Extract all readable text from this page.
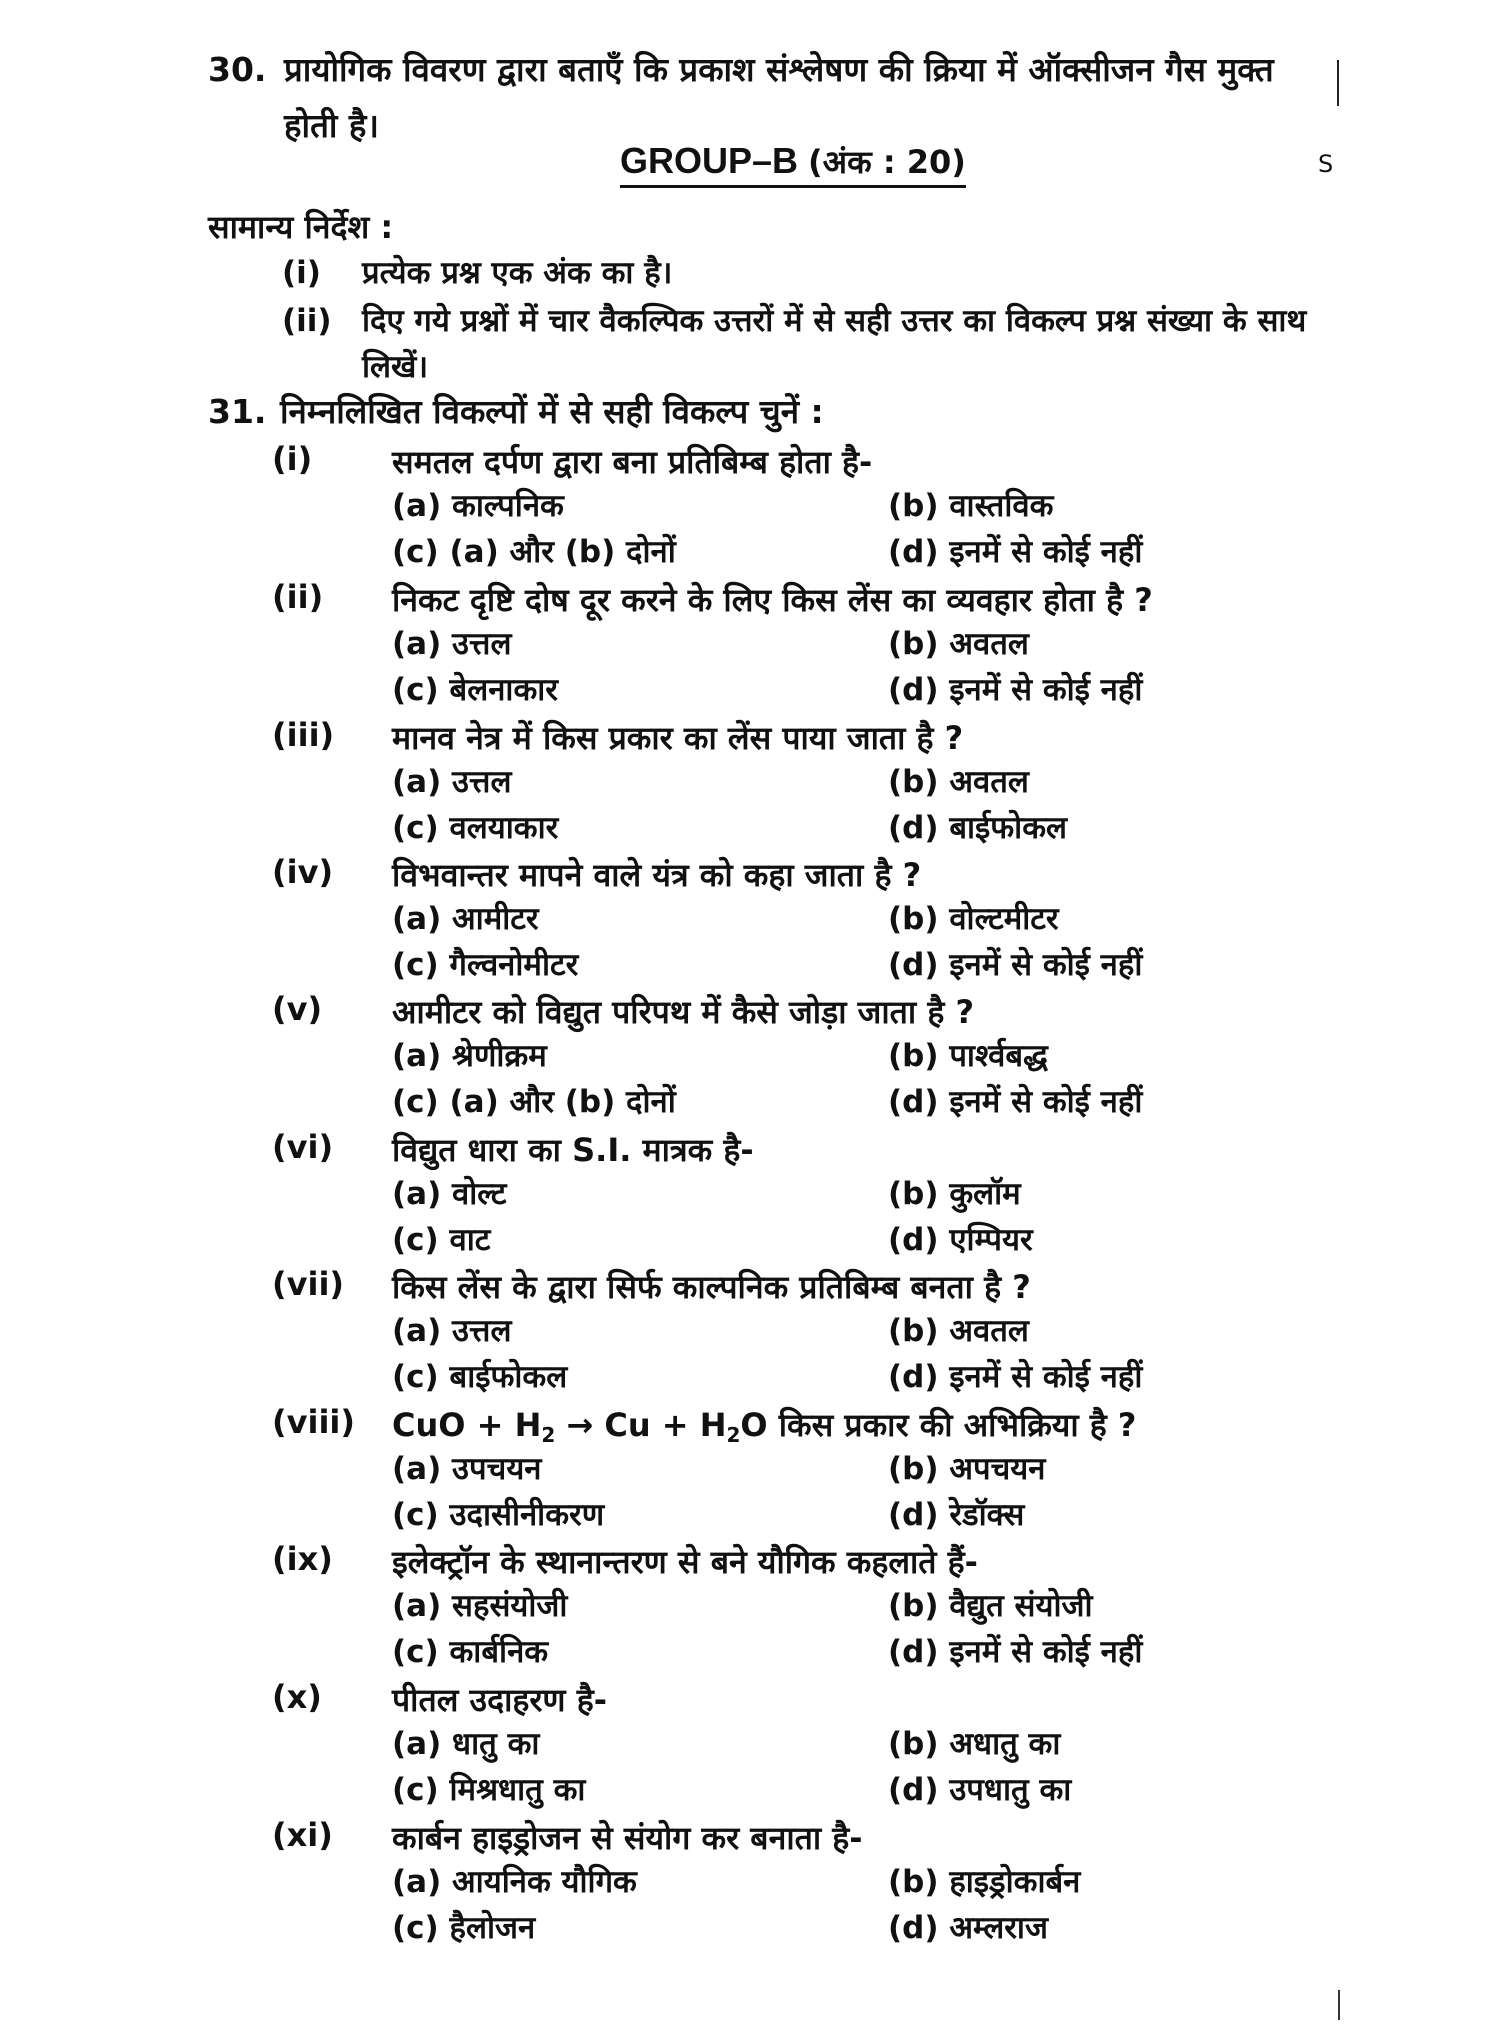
30. प्रायोगिक विवरण द्वारा बताएँ कि प्रकाश संश्लेषण की क्रिया में ऑक्सीजन गैस मुक्त होती है।
GROUP–B (अंक : 20)	S
सामान्य निर्देश :
(i) प्रत्येक प्रश्न एक अंक का है।
(ii) दिए गये प्रश्नों में चार वैकल्पिक उत्तरों में से सही उत्तर का विकल्प प्रश्न संख्या के साथ लिखें।
31. निम्नलिखित विकल्पों में से सही विकल्प चुनें :
(i) समतल दर्पण द्वारा बना प्रतिबिम्ब होता है-
(a) काल्पनिक	(b) वास्तविक
(c) (a) और (b) दोनों	(d) इनमें से कोई नहीं
(ii) निकट दृष्टि दोष दूर करने के लिए किस लेंस का व्यवहार होता है ?
(a) उत्तल	(b) अवतल
(c) बेलनाकार	(d) इनमें से कोई नहीं
(iii) मानव नेत्र में किस प्रकार का लेंस पाया जाता है ?
(a) उत्तल	(b) अवतल
(c) वलयाकार	(d) बाईफोकल
(iv) विभवान्तर मापने वाले यंत्र को कहा जाता है ?
(a) आमीटर	(b) वोल्टमीटर
(c) गैल्वनोमीटर	(d) इनमें से कोई नहीं
(v) आमीटर को विद्युत परिपथ में कैसे जोड़ा जाता है ?
(a) श्रेणीक्रम	(b) पार्श्वबद्ध
(c) (a) और (b) दोनों	(d) इनमें से कोई नहीं
(vi) विद्युत धारा का S.I. मात्रक है-
(a) वोल्ट	(b) कुलॉम
(c) वाट	(d) एम्पियर
(vii) किस लेंस के द्वारा सिर्फ काल्पनिक प्रतिबिम्ब बनता है ?
(a) उत्तल	(b) अवतल
(c) बाईफोकल	(d) इनमें से कोई नहीं
(viii) CuO + $H_2 \to Cu + H_2O$ किस प्रकार की अभिक्रिया है ?
(a) उपचयन	(b) अपचयन
(c) उदासीनीकरण	(d) रेडॉक्स
(ix) इलेक्ट्रॉन के स्थानान्तरण से बने यौगिक कहलाते हैं-
(a) सहसंयोजी	(b) वैद्युत संयोजी
(c) कार्बनिक	(d) इनमें से कोई नहीं
(x) पीतल उदाहरण है-
(a) धातु का	(b) अधातु का
(c) मिश्रधातु का	(d) उपधातु का
(xi) कार्बन हाइड्रोजन से संयोग कर बनाता है-
(a) आयनिक यौगिक	(b) हाइड्रोकार्बन
(c) हैलोजन	(d) अम्लराज
